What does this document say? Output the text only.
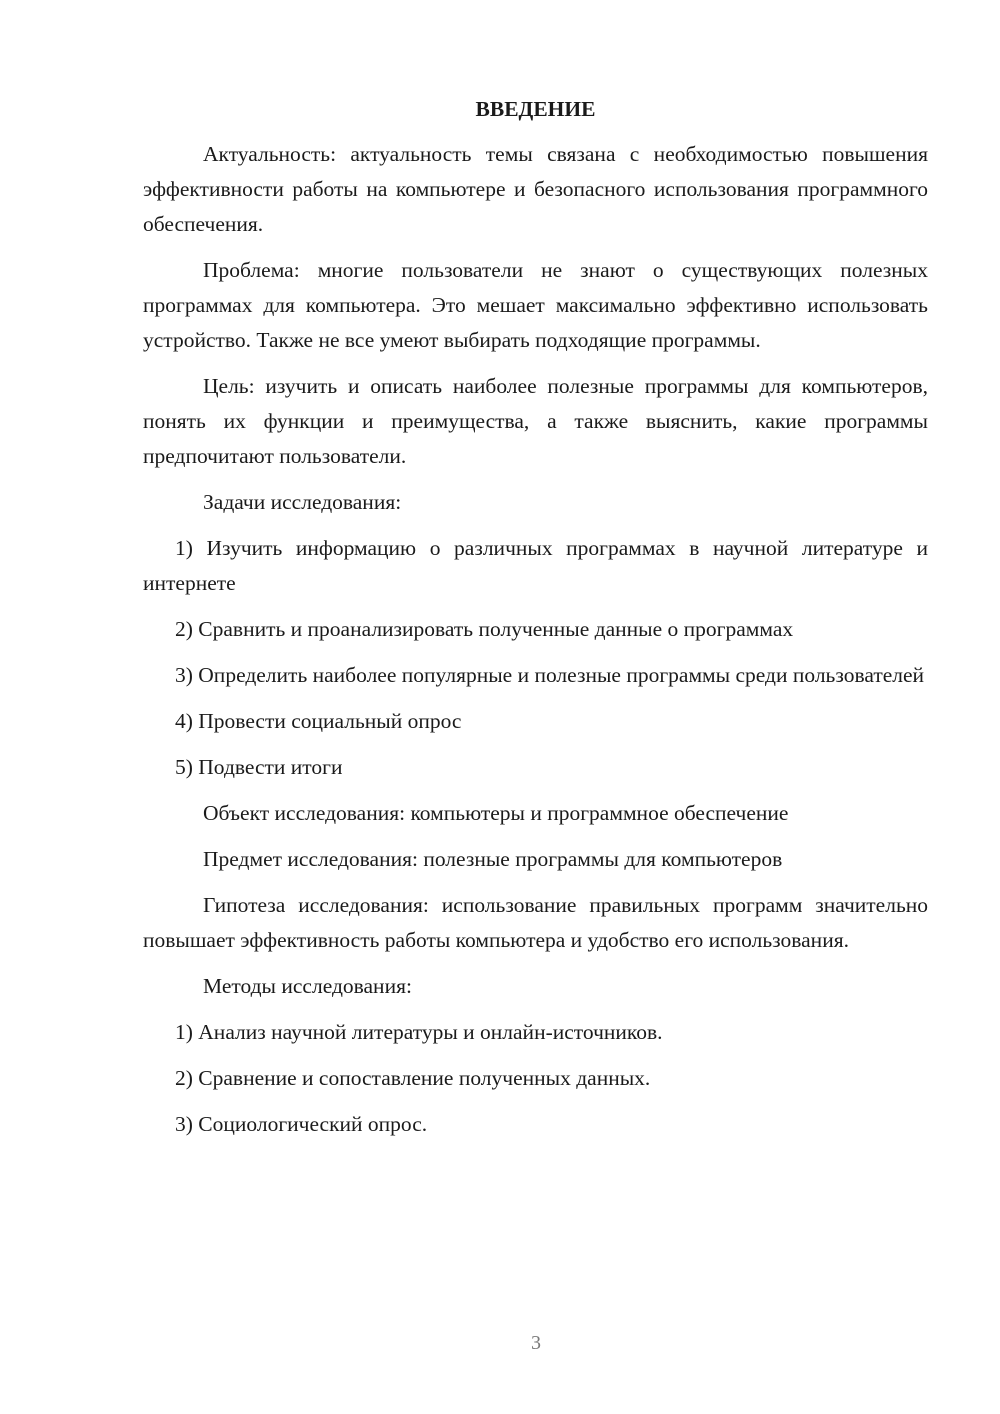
ВВЕДЕНИЕ

Актуальность: актуальность темы связана с необходимостью повышения эффективности работы на компьютере и безопасного использования программного обеспечения.

Проблема: многие пользователи не знают о существующих полезных программах для компьютера. Это мешает максимально эффективно использовать устройство. Также не все умеют выбирать подходящие программы.

Цель: изучить и описать наиболее полезные программы для компьютеров, понять их функции и преимущества, а также выяснить, какие программы предпочитают пользователи.

Задачи исследования:

1) Изучить информацию о различных программах в научной литературе и интернете

2) Сравнить и проанализировать полученные данные о программах

3) Определить наиболее популярные и полезные программы среди пользователей

4) Провести социальный опрос

5) Подвести итоги

Объект исследования: компьютеры и программное обеспечение

Предмет исследования: полезные программы для компьютеров

Гипотеза исследования: использование правильных программ значительно повышает эффективность работы компьютера и удобство его использования.

Методы исследования:

1) Анализ научной литературы и онлайн-источников.

2) Сравнение и сопоставление полученных данных.

3) Социологический опрос.

3
